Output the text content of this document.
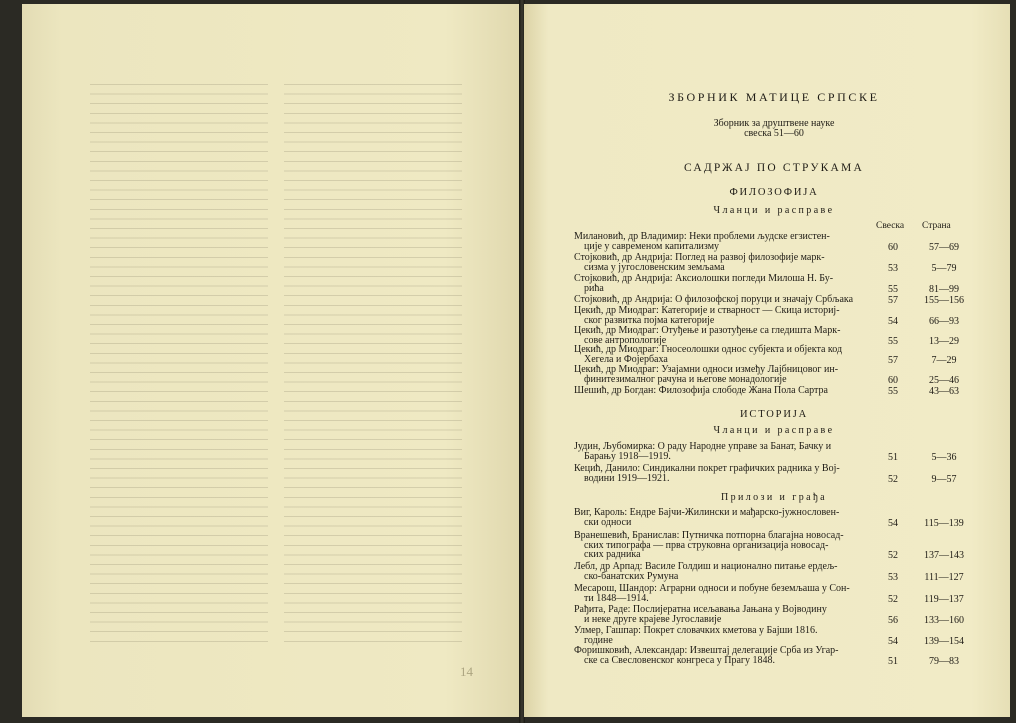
14
ЗБОРНИК МАТИЦЕ СРПСКЕ
Зборник за друштвене науке
свеска 51—60
САДРЖАЈ ПО СТРУКАМА
ФИЛОЗОФИЈА
Чланци и расправе
Свеска Страна
Милановић, др Владимир: Неки проблеми људске егзистен-
ције у савременом капитализму	60	57—69
Стојковић, др Андрија: Поглед на развој филозофије марк-
сизма у југословенским земљама	53	5—79
Стојковић, др Андрија: Аксиолошки погледи Милоша Н. Бу-
рића	55	81—99
Стојковић, др Андрија: О филозофској поруци и значају Србљака	57	155—156
Цекић, др Миодраг: Категорије и стварност — Скица историј-
ског развитка појма категорије	54	66—93
Цекић, др Миодраг: Отуђење и разотуђење са гледишта Марк-
сове антропологије	55	13—29
Цекић, др Миодраг: Гносеолошки однос субјекта и објекта код
Хегела и Фојербаха	57	7—29
Цекић, др Миодраг: Узајамни односи између Лајбницовог ин-
финитезималног рачуна и његове монадологије	60	25—46
Шешић, др Богдан: Филозофија слободе Жана Пола Сартра	55	43—63
ИСТОРИЈА
Чланци и расправе
Јудин, Љубомирка: О раду Народне управе за Банат, Бачку и
Барању 1918—1919.	51	5—36
Кецић, Данило: Синдикални покрет графичких радника у Вој-
водини 1919—1921.	52	9—57
Прилози и грађа
Виг, Кароль: Ендре Бајчи-Жилински и мађарско-јужнословен-
ски односи	54	115—139
Вранешевић, Бранислав: Путничка потпорна благајна новосад-
ских типографа — прва струковна организација новосад-
ских радника	52	137—143
Лебл, др Арпад: Василе Голдиш и национално питање ердељ-
ско-банатских Румуна	53	111—127
Месарош, Шандор: Аграрни односи и побуне беземљаша у Сон-
ти 1848—1914.	52	119—137
Рађита, Раде: Послијератна исељавања Јањана у Војводину
и неке друге крајеве Југославије	56	133—160
Улмер, Гашпар: Покрет словачких кметова у Бајши 1816.
године	54	139—154
Форишковић, Александар: Извештај делегације Срба из Угар-
ске са Свесловенског конгреса у Прагу 1848.	51	79—83
